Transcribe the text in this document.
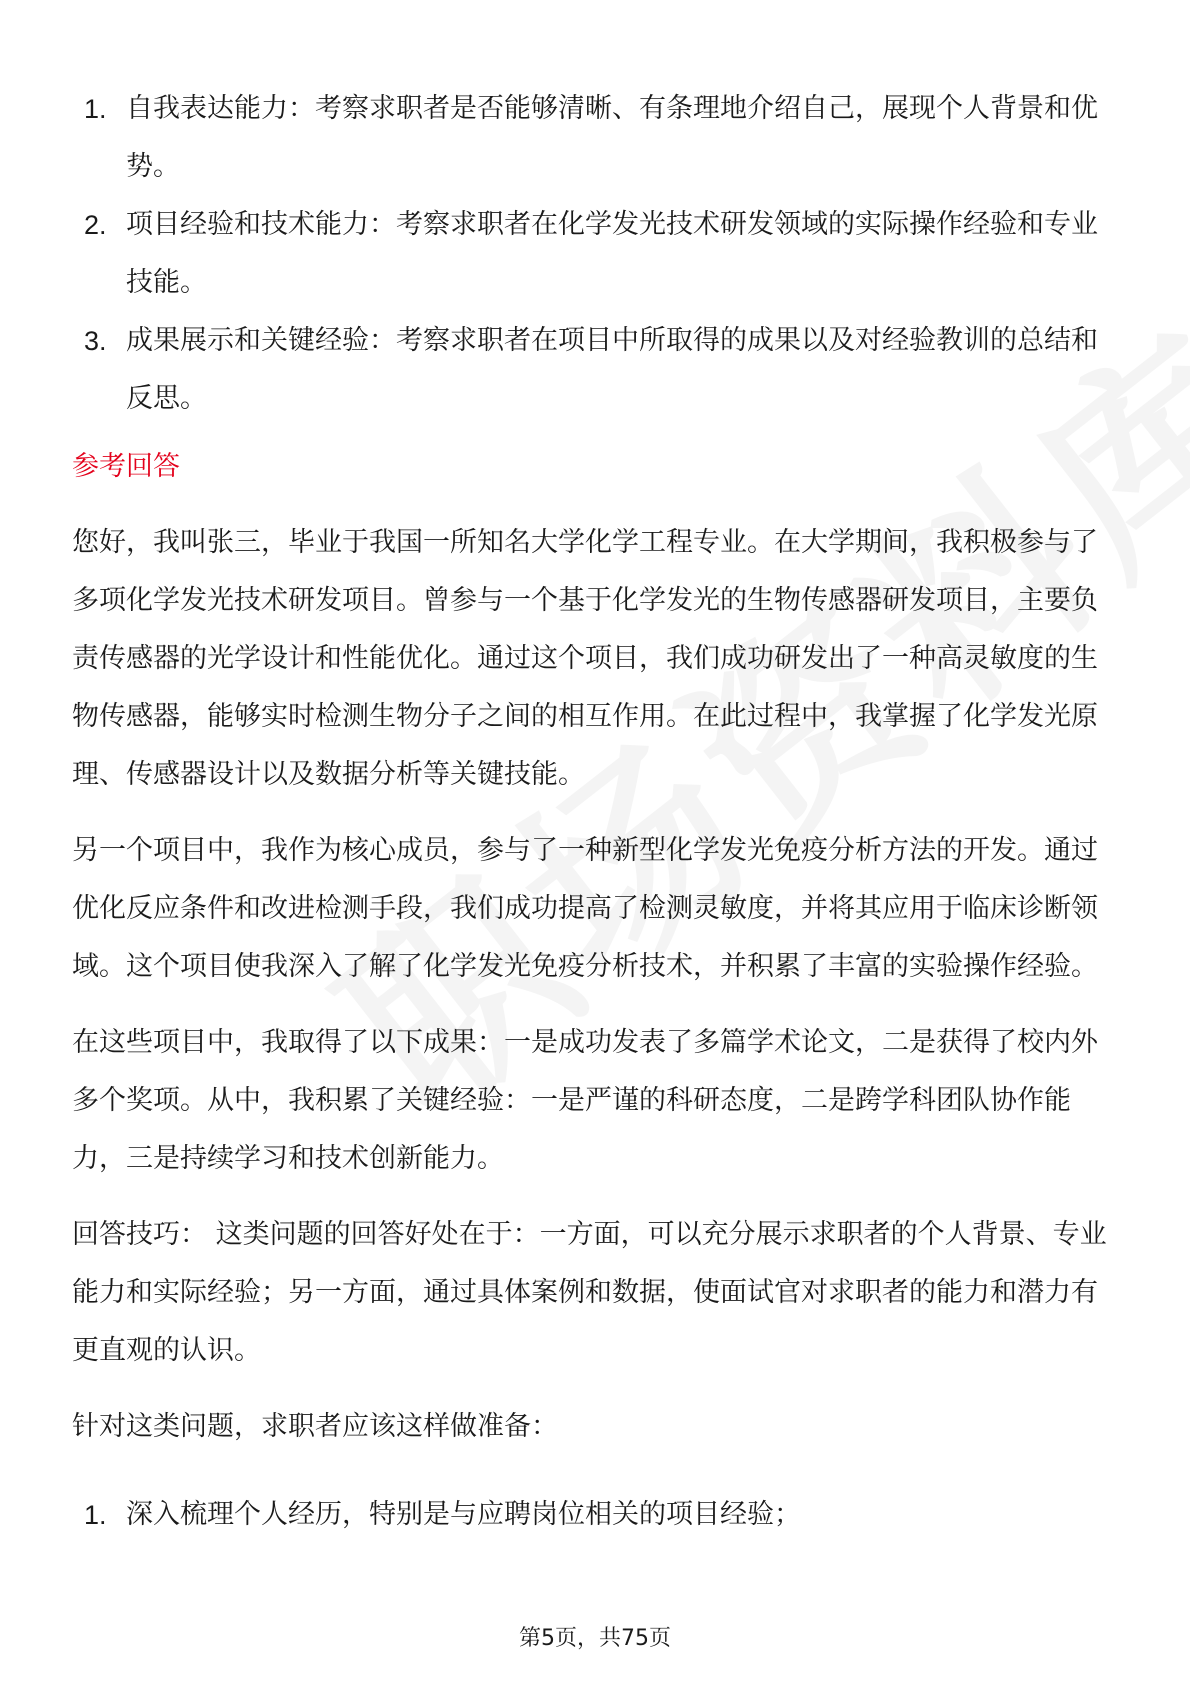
1. 自我表达能力：考察求职者是否能够清晰、有条理地介绍自己，展现个人背景和优势。
2. 项目经验和技术能力：考察求职者在化学发光技术研发领域的实际操作经验和专业技能。
3. 成果展示和关键经验：考察求职者在项目中所取得的成果以及对经验教训的总结和反思。
参考回答

您好，我叫张三，毕业于我国一所知名大学化学工程专业。在大学期间，我积极参与了多项化学发光技术研发项目。曾参与一个基于化学发光的生物传感器研发项目，主要负责传感器的光学设计和性能优化。通过这个项目，我们成功研发出了一种高灵敏度的生物传感器，能够实时检测生物分子之间的相互作用。在此过程中，我掌握了化学发光原理、传感器设计以及数据分析等关键技能。

另一个项目中，我作为核心成员，参与了一种新型化学发光免疫分析方法的开发。通过优化反应条件和改进检测手段，我们成功提高了检测灵敏度，并将其应用于临床诊断领域。这个项目使我深入了解了化学发光免疫分析技术，并积累了丰富的实验操作经验。

在这些项目中，我取得了以下成果：一是成功发表了多篇学术论文，二是获得了校内外多个奖项。从中，我积累了关键经验：一是严谨的科研态度，二是跨学科团队协作能力，三是持续学习和技术创新能力。

回答技巧： 这类问题的回答好处在于：一方面，可以充分展示求职者的个人背景、专业能力和实际经验；另一方面，通过具体案例和数据，使面试官对求职者的能力和潜力有更直观的认识。

针对这类问题，求职者应该这样做准备：

1. 深入梳理个人经历，特别是与应聘岗位相关的项目经验；
第5页，共75页
